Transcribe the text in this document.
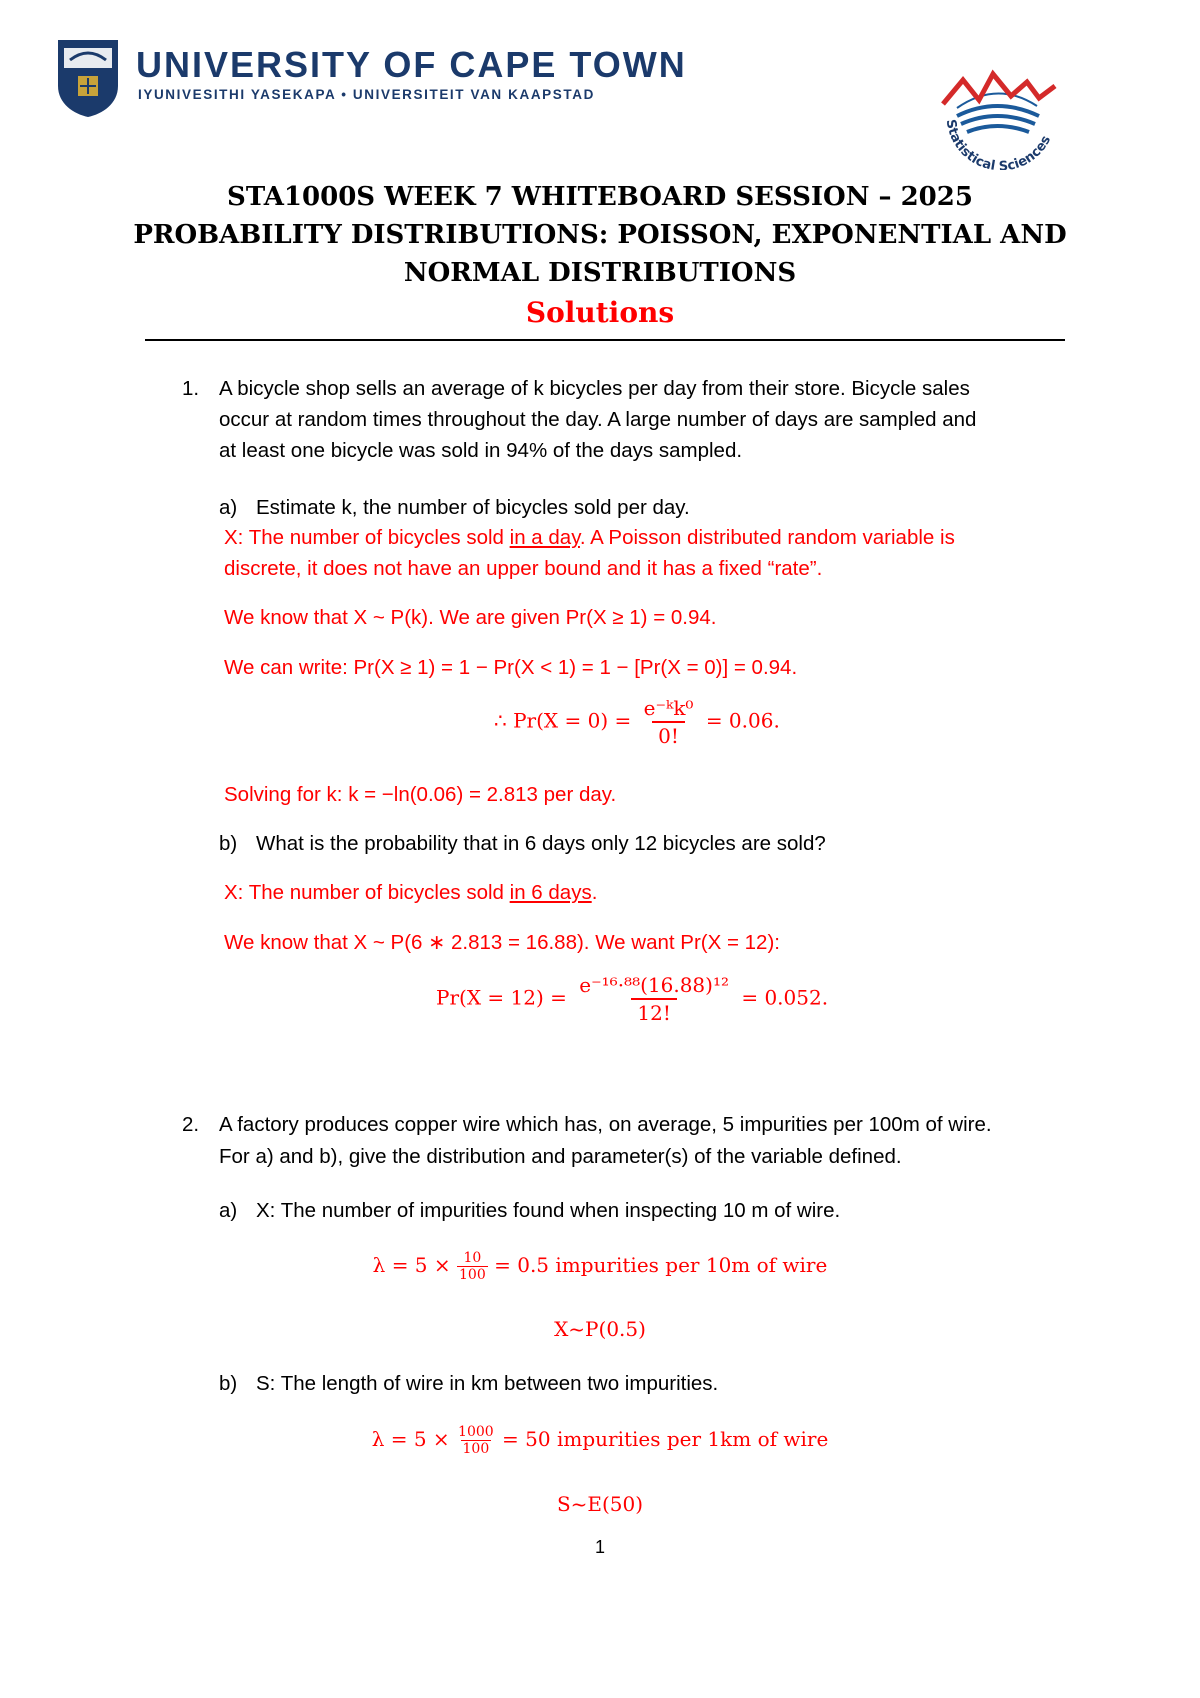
UNIVERSITY OF CAPE TOWN
IYUNIVESITHI YASEKAPA • UNIVERSITEIT VAN KAAPSTAD
Statistical Sciences
STA1000S WEEK 7 WHITEBOARD SESSION – 2025
PROBABILITY DISTRIBUTIONS: POISSON, EXPONENTIAL AND
NORMAL DISTRIBUTIONS
Solutions
1. A bicycle shop sells an average of k bicycles per day from their store. Bicycle sales
occur at random times throughout the day. A large number of days are sampled and
at least one bicycle was sold in 94% of the days sampled.
a) Estimate k, the number of bicycles sold per day.
X: The number of bicycles sold in a day. A Poisson distributed random variable is
discrete, it does not have an upper bound and it has a fixed “rate”.
We know that X ~ P(k). We are given Pr(X ≥ 1) = 0.94.
We can write: Pr(X ≥ 1) = 1 − Pr(X < 1) = 1 − [Pr(X = 0)] = 0.94.
∴ $Pr(X = 0) = \frac{\text{e⁻ᵏk⁰}}{0!} = 0.06$.
Solving for k: k = −ln(0.06) = 2.813 per day.
b) What is the probability that in 6 days only 12 bicycles are sold?
X: The number of bicycles sold in 6 days.
We know that X ~ P(6 ∗ 2.813 = 16.88). We want Pr(X = 12):
$Pr(X = 12) = \frac{\text{e⁻¹⁶·⁸⁸(16.88)¹²}}{12!} = 0.052$.
2. A factory produces copper wire which has, on average, 5 impurities per 100m of wire.
For a) and b), give the distribution and parameter(s) of the variable defined.
a) X: The number of impurities found when inspecting 10 m of wire.
$\lambda = 5 \times \frac{10}{100} = 0.5$ impurities per 10m of wire
X~P(0.5)
b) S: The length of wire in km between two impurities.
$\lambda = 5 \times \frac{1000}{100} = 50$ impurities per 1km of wire
S~E(50)
1
